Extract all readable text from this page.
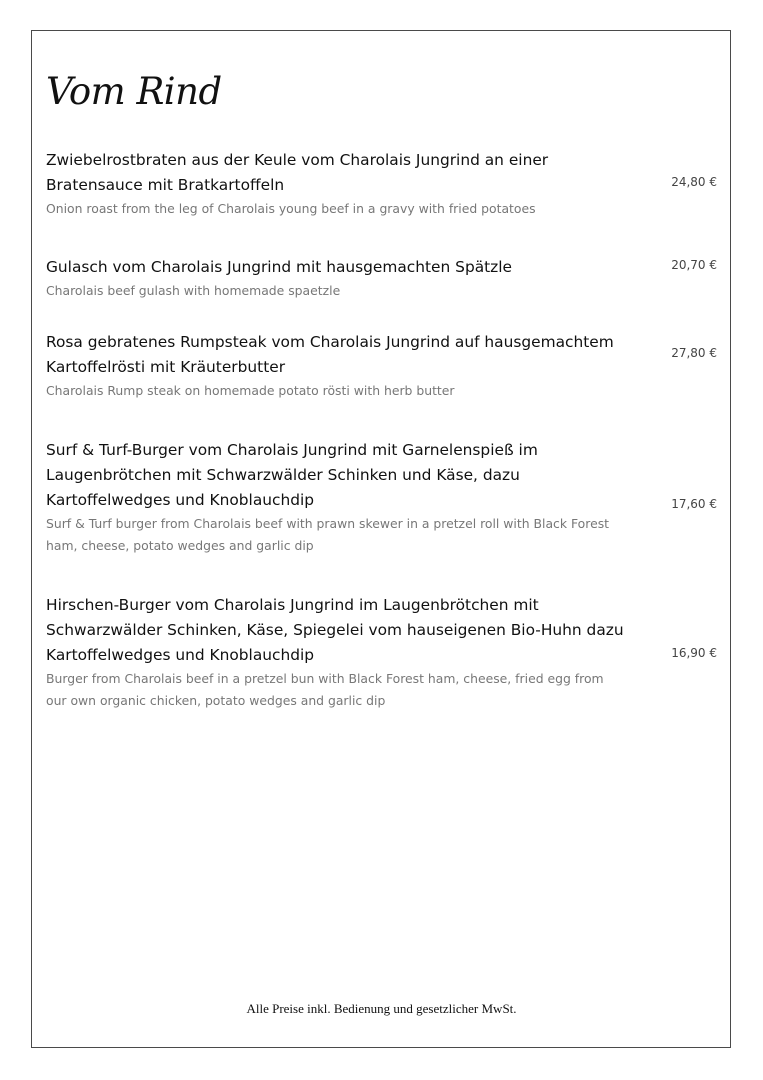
Vom Rind

Zwiebelrostbraten aus der Keule vom Charolais Jungrind an einer Bratensauce mit Bratkartoffeln

Onion roast from the leg of Charolais young beef in a gravy with fried potatoes

24,80 €

Gulasch vom Charolais Jungrind mit hausgemachten Spätzle

Charolais beef gulash with homemade spaetzle

20,70 €

Rosa gebratenes Rumpsteak vom Charolais Jungrind auf hausgemachtem Kartoffelrösti mit Kräuterbutter

Charolais Rump steak on homemade potato rösti with herb butter

27,80 €

Surf & Turf-Burger vom Charolais Jungrind mit Garnelenspieß im Laugenbrötchen mit Schwarzwälder Schinken und Käse, dazu Kartoffelwedges und Knoblauchdip

Surf & Turf burger from Charolais beef with prawn skewer in a pretzel roll with Black Forest ham, cheese, potato wedges and garlic dip

17,60 €

Hirschen-Burger vom Charolais Jungrind im Laugenbrötchen mit Schwarzwälder Schinken, Käse, Spiegelei vom hauseigenen Bio-Huhn dazu Kartoffelwedges und Knoblauchdip

Burger from Charolais beef in a pretzel bun with Black Forest ham, cheese, fried egg from our own organic chicken, potato wedges and garlic dip

16,90 €
Alle Preise inkl. Bedienung und gesetzlicher MwSt.
